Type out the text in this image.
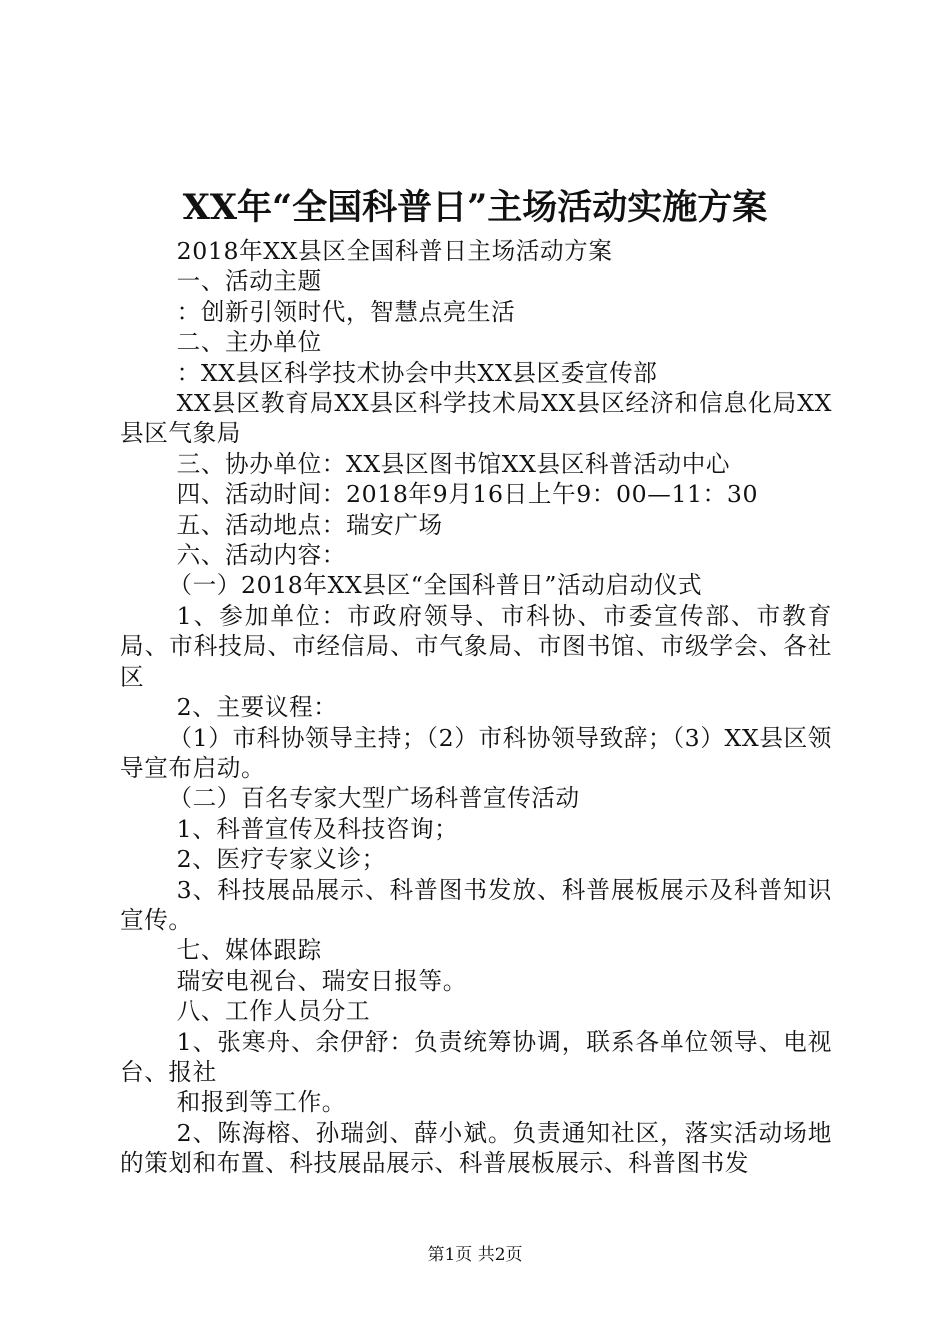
XX年“全国科普日”主场活动实施方案

2018年XX县区全国科普日主场活动方案

一、活动主题

：创新引领时代，智慧点亮生活

二、主办单位

：XX县区科学技术协会中共XX县区委宣传部

XX县区教育局XX县区科学技术局XX县区经济和信息化局XX县区气象局

三、协办单位：XX县区图书馆XX县区科普活动中心

四、活动时间：2018年9月16日上午9：00—11：30

五、活动地点：瑞安广场

六、活动内容：

（一）2018年XX县区“全国科普日”活动启动仪式

1、参加单位：市政府领导、市科协、市委宣传部、市教育局、市科技局、市经信局、市气象局、市图书馆、市级学会、各社区

2、主要议程：

（1）市科协领导主持；（2）市科协领导致辞；（3）XX县区领导宣布启动。

（二）百名专家大型广场科普宣传活动

1、科普宣传及科技咨询；

2、医疗专家义诊；

3、科技展品展示、科普图书发放、科普展板展示及科普知识宣传。

七、媒体跟踪

瑞安电视台、瑞安日报等。

八、工作人员分工

1、张寒舟、余伊舒：负责统筹协调，联系各单位领导、电视台、报社

和报到等工作。

2、陈海榕、孙瑞剑、薛小斌。负责通知社区，落实活动场地的策划和布置、科技展品展示、科普展板展示、科普图书发

第1页 共2页
